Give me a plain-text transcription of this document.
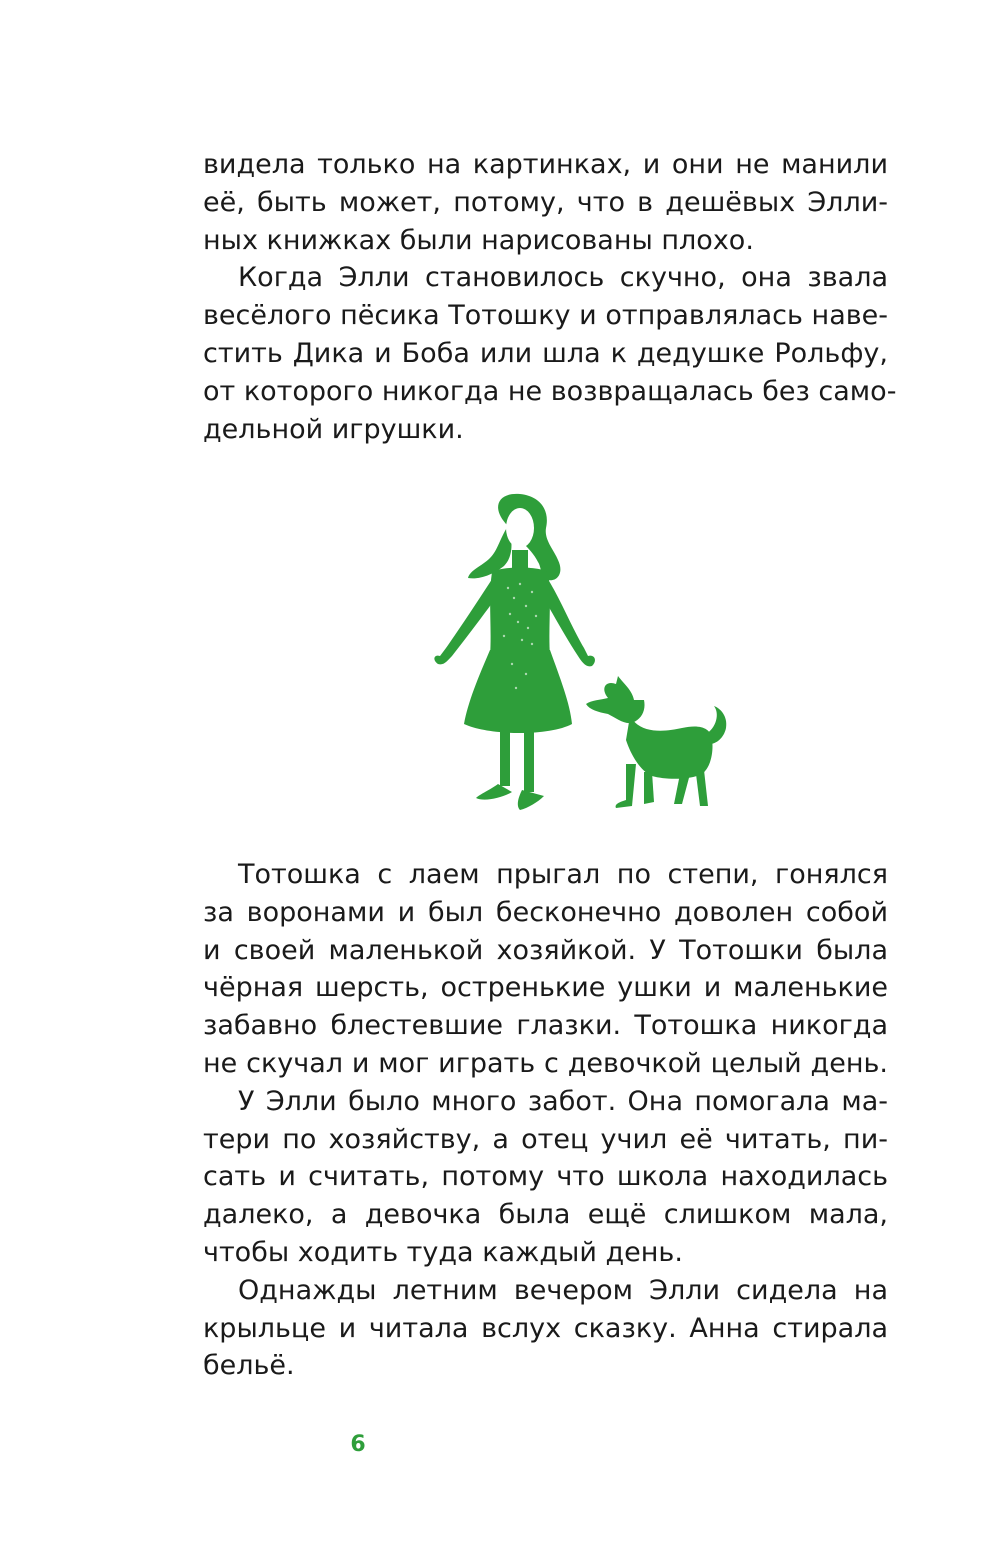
видела только на картинках, и они не манили
её, быть может, потому, что в дешёвых Элли-
ных книжках были нарисованы плохо.
Когда Элли становилось скучно, она звала
весёлого пёсика Тотошку и отправлялась наве-
стить Дика и Боба или шла к дедушке Рольфу,
от которого никогда не возвращалась без само-
дельной игрушки.
Тотошка с лаем прыгал по степи, гонялся
за воронами и был бесконечно доволен собой
и своей маленькой хозяйкой. У Тотошки была
чёрная шерсть, остренькие ушки и маленькие
забавно блестевшие глазки. Тотошка никогда
не скучал и мог играть с девочкой целый день.
У Элли было много забот. Она помогала ма-
тери по хозяйству, а отец учил её читать, пи-
сать и считать, потому что школа находилась
далеко, а девочка была ещё слишком мала,
чтобы ходить туда каждый день.
Однажды летним вечером Элли сидела на
крыльце и читала вслух сказку. Анна стирала
бельё.
6
